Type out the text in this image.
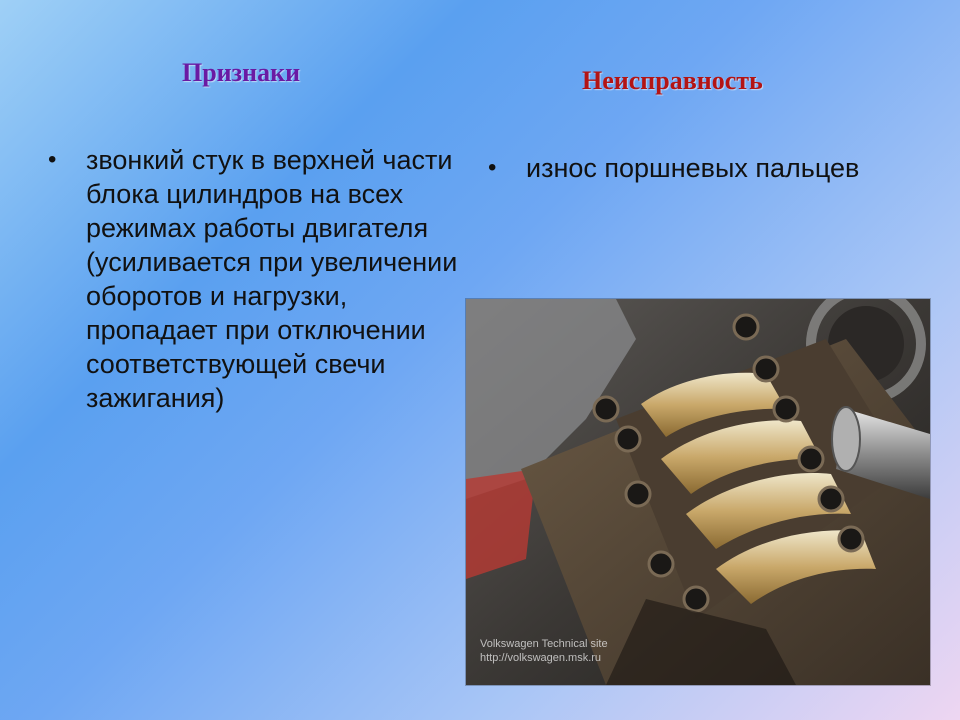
Признаки	Неисправность
• звонкий стук в верхней части блока цилиндров на всех режимах работы двигателя (усиливается при увеличении оборотов и нагрузки, пропадает при отключении соответствующей свечи зажигания)
• износ поршневых пальцев
Volkswagen Technical site
http://volkswagen.msk.ru
